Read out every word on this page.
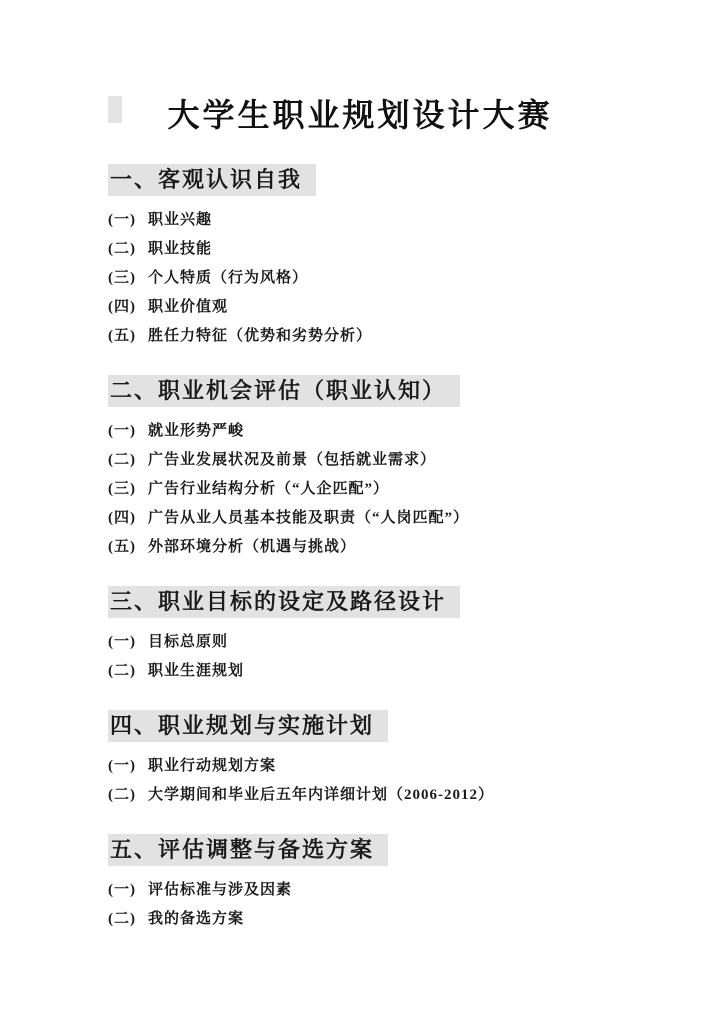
大学生职业规划设计大赛
一、客观认识自我
(一) 职业兴趣
(二) 职业技能
(三) 个人特质（行为风格）
(四) 职业价值观
(五) 胜任力特征（优势和劣势分析）
二、职业机会评估（职业认知）
(一) 就业形势严峻
(二) 广告业发展状况及前景（包括就业需求）
(三) 广告行业结构分析（“人企匹配”）
(四) 广告从业人员基本技能及职责（“人岗匹配”）
(五) 外部环境分析（机遇与挑战）
三、职业目标的设定及路径设计
(一) 目标总原则
(二) 职业生涯规划
四、职业规划与实施计划
(一) 职业行动规划方案
(二) 大学期间和毕业后五年内详细计划（2006-2012）
五、评估调整与备选方案
(一) 评估标准与涉及因素
(二) 我的备选方案
